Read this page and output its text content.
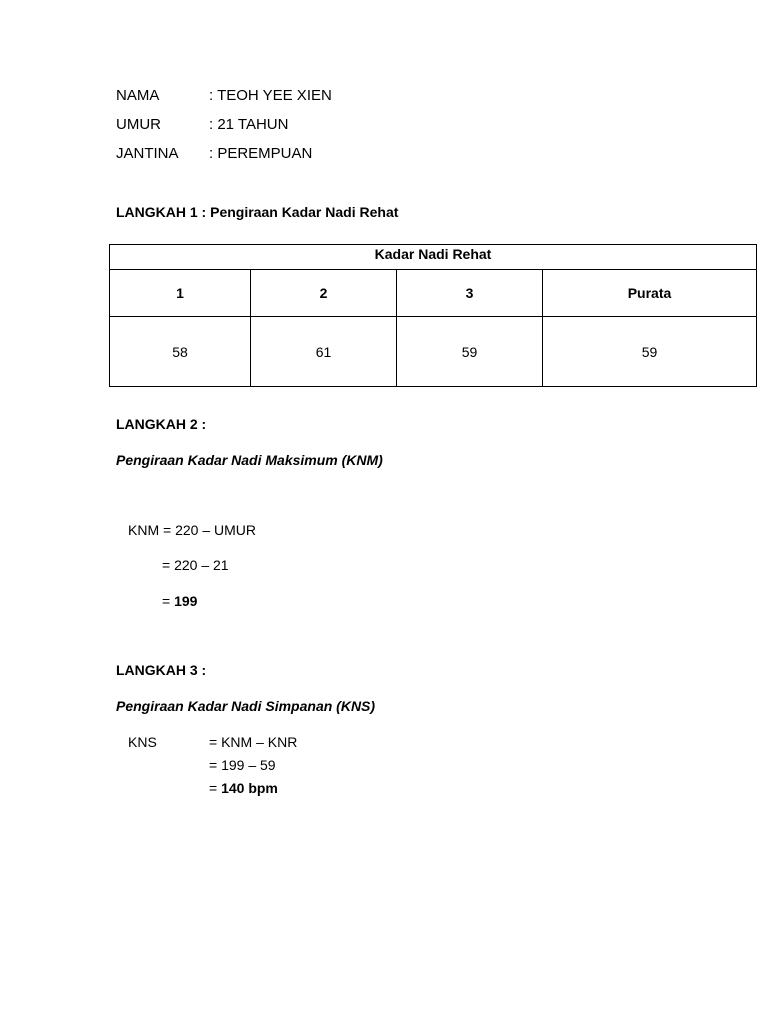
NAMA	: TEOH YEE XIEN
UMUR	: 21 TAHUN
JANTINA : PEREMPUAN
LANGKAH 1 : Pengiraan Kadar Nadi Rehat
Kadar Nadi Rehat			
1	2	3	Purata
58	61	59	59
LANGKAH 2 :
Pengiraan Kadar Nadi Maksimum (KNM)
KNM = 220 – UMUR
= 220 – 21
= 199
LANGKAH 3 :
Pengiraan Kadar Nadi Simpanan (KNS)
KNS	= KNM – KNR
= 199 – 59
= 140 bpm
